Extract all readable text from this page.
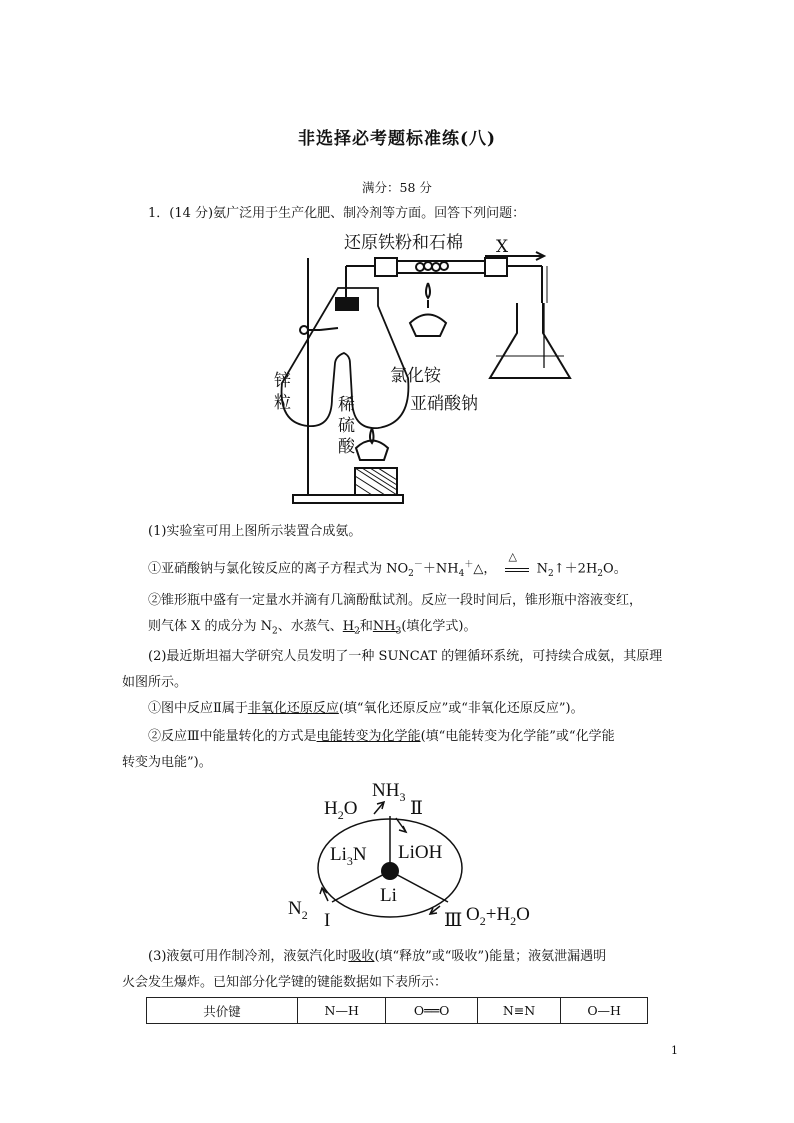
非选择必考题标准练(八)
满分：58 分
1．(14 分)氨广泛用于生产化肥、制冷剂等方面。回答下列问题：
还原铁粉和石棉 X
氯化铵
亚硝酸钠
锌
粒	稀
硫
酸
(1)实验室可用上图所示装置合成氨。
①亚硝酸钠与氯化铵反应的离子方程式为 $NO_2^-+NH_4^+\triangle$，
△
$N_2↑+2H_2O$。
②锥形瓶中盛有一定量水并滴有几滴酚酞试剂。反应一段时间后，锥形瓶中溶液变红，
则气体 X 的成分为 $N_2$、水蒸气、$H_2$和$NH_3$(填化学式)。
(2)最近斯坦福大学研究人员发明了一种 SUNCAT 的锂循环系统，可持续合成氨，其原理
如图所示。
①图中反应Ⅱ属于非氧化还原反应(填“氧化还原反应”或“非氧化还原反应”)。
②反应Ⅲ中能量转化的方式是电能转变为化学能(填“电能转变为化学能”或“化学能
转变为电能”)。
$NH_3$
$H_2O$	Ⅱ
$Li_3N$ LiOH
Li
$N_2$ I	Ⅲ $O_2+H_2O$
(3)液氨可用作制冷剂，液氨汽化时吸收(填“释放”或“吸收”)能量；液氨泄漏遇明
火会发生爆炸。已知部分化学键的键能数据如下表所示：
共价键	N—H	O══O	N≡N	O—H
1
